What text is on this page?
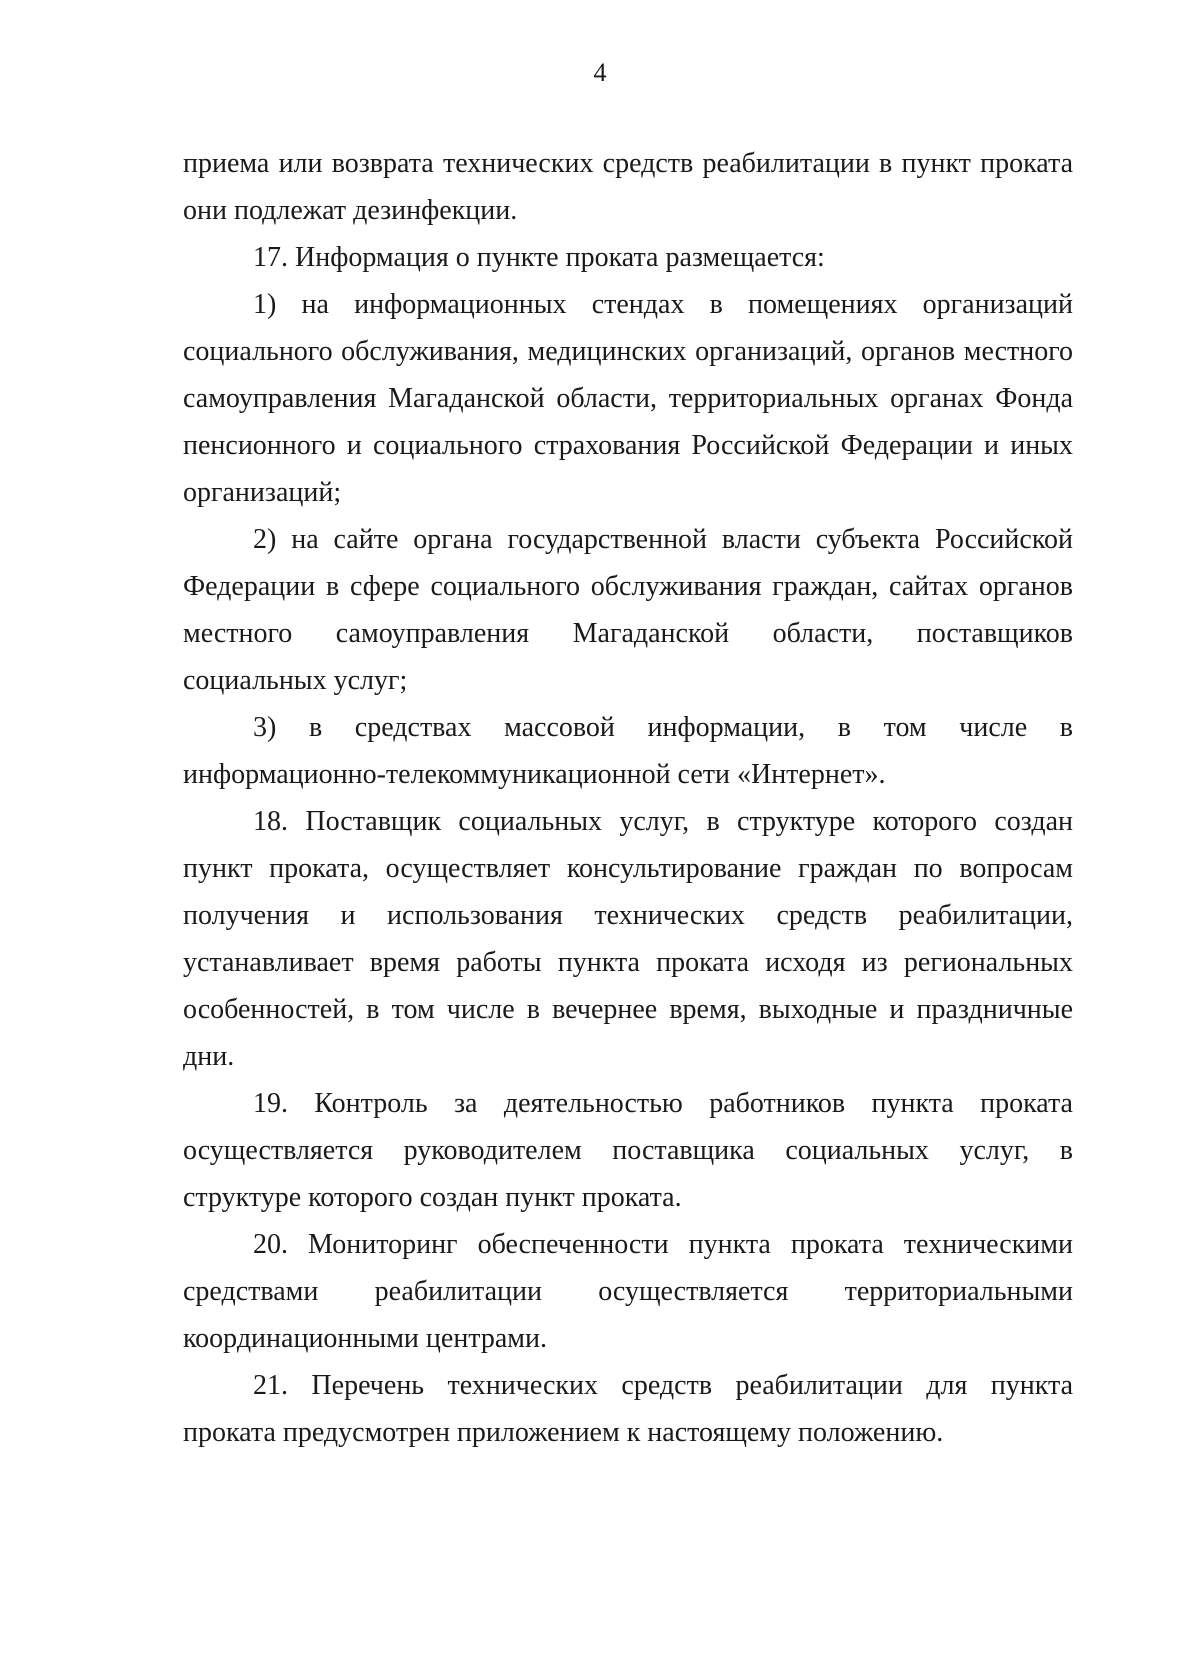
4

приема или возврата технических средств реабилитации в пункт проката они подлежат дезинфекции.

17. Информация о пункте проката размещается:

1) на информационных стендах в помещениях организаций социального обслуживания, медицинских организаций, органов местного самоуправления Магаданской области, территориальных органах Фонда пенсионного и социального страхования Российской Федерации и иных организаций;

2) на сайте органа государственной власти субъекта Российской Федерации в сфере социального обслуживания граждан, сайтах органов местного самоуправления Магаданской области, поставщиков социальных услуг;

3) в средствах массовой информации, в том числе в информационно-телекоммуникационной сети «Интернет».

18. Поставщик социальных услуг, в структуре которого создан пункт проката, осуществляет консультирование граждан по вопросам получения и использования технических средств реабилитации, устанавливает время работы пункта проката исходя из региональных особенностей, в том числе в вечернее время, выходные и праздничные дни.

19. Контроль за деятельностью работников пункта проката осуществляется руководителем поставщика социальных услуг, в структуре которого создан пункт проката.

20. Мониторинг обеспеченности пункта проката техническими средствами реабилитации осуществляется территориальными координационными центрами.

21. Перечень технических средств реабилитации для пункта проката предусмотрен приложением к настоящему положению.
